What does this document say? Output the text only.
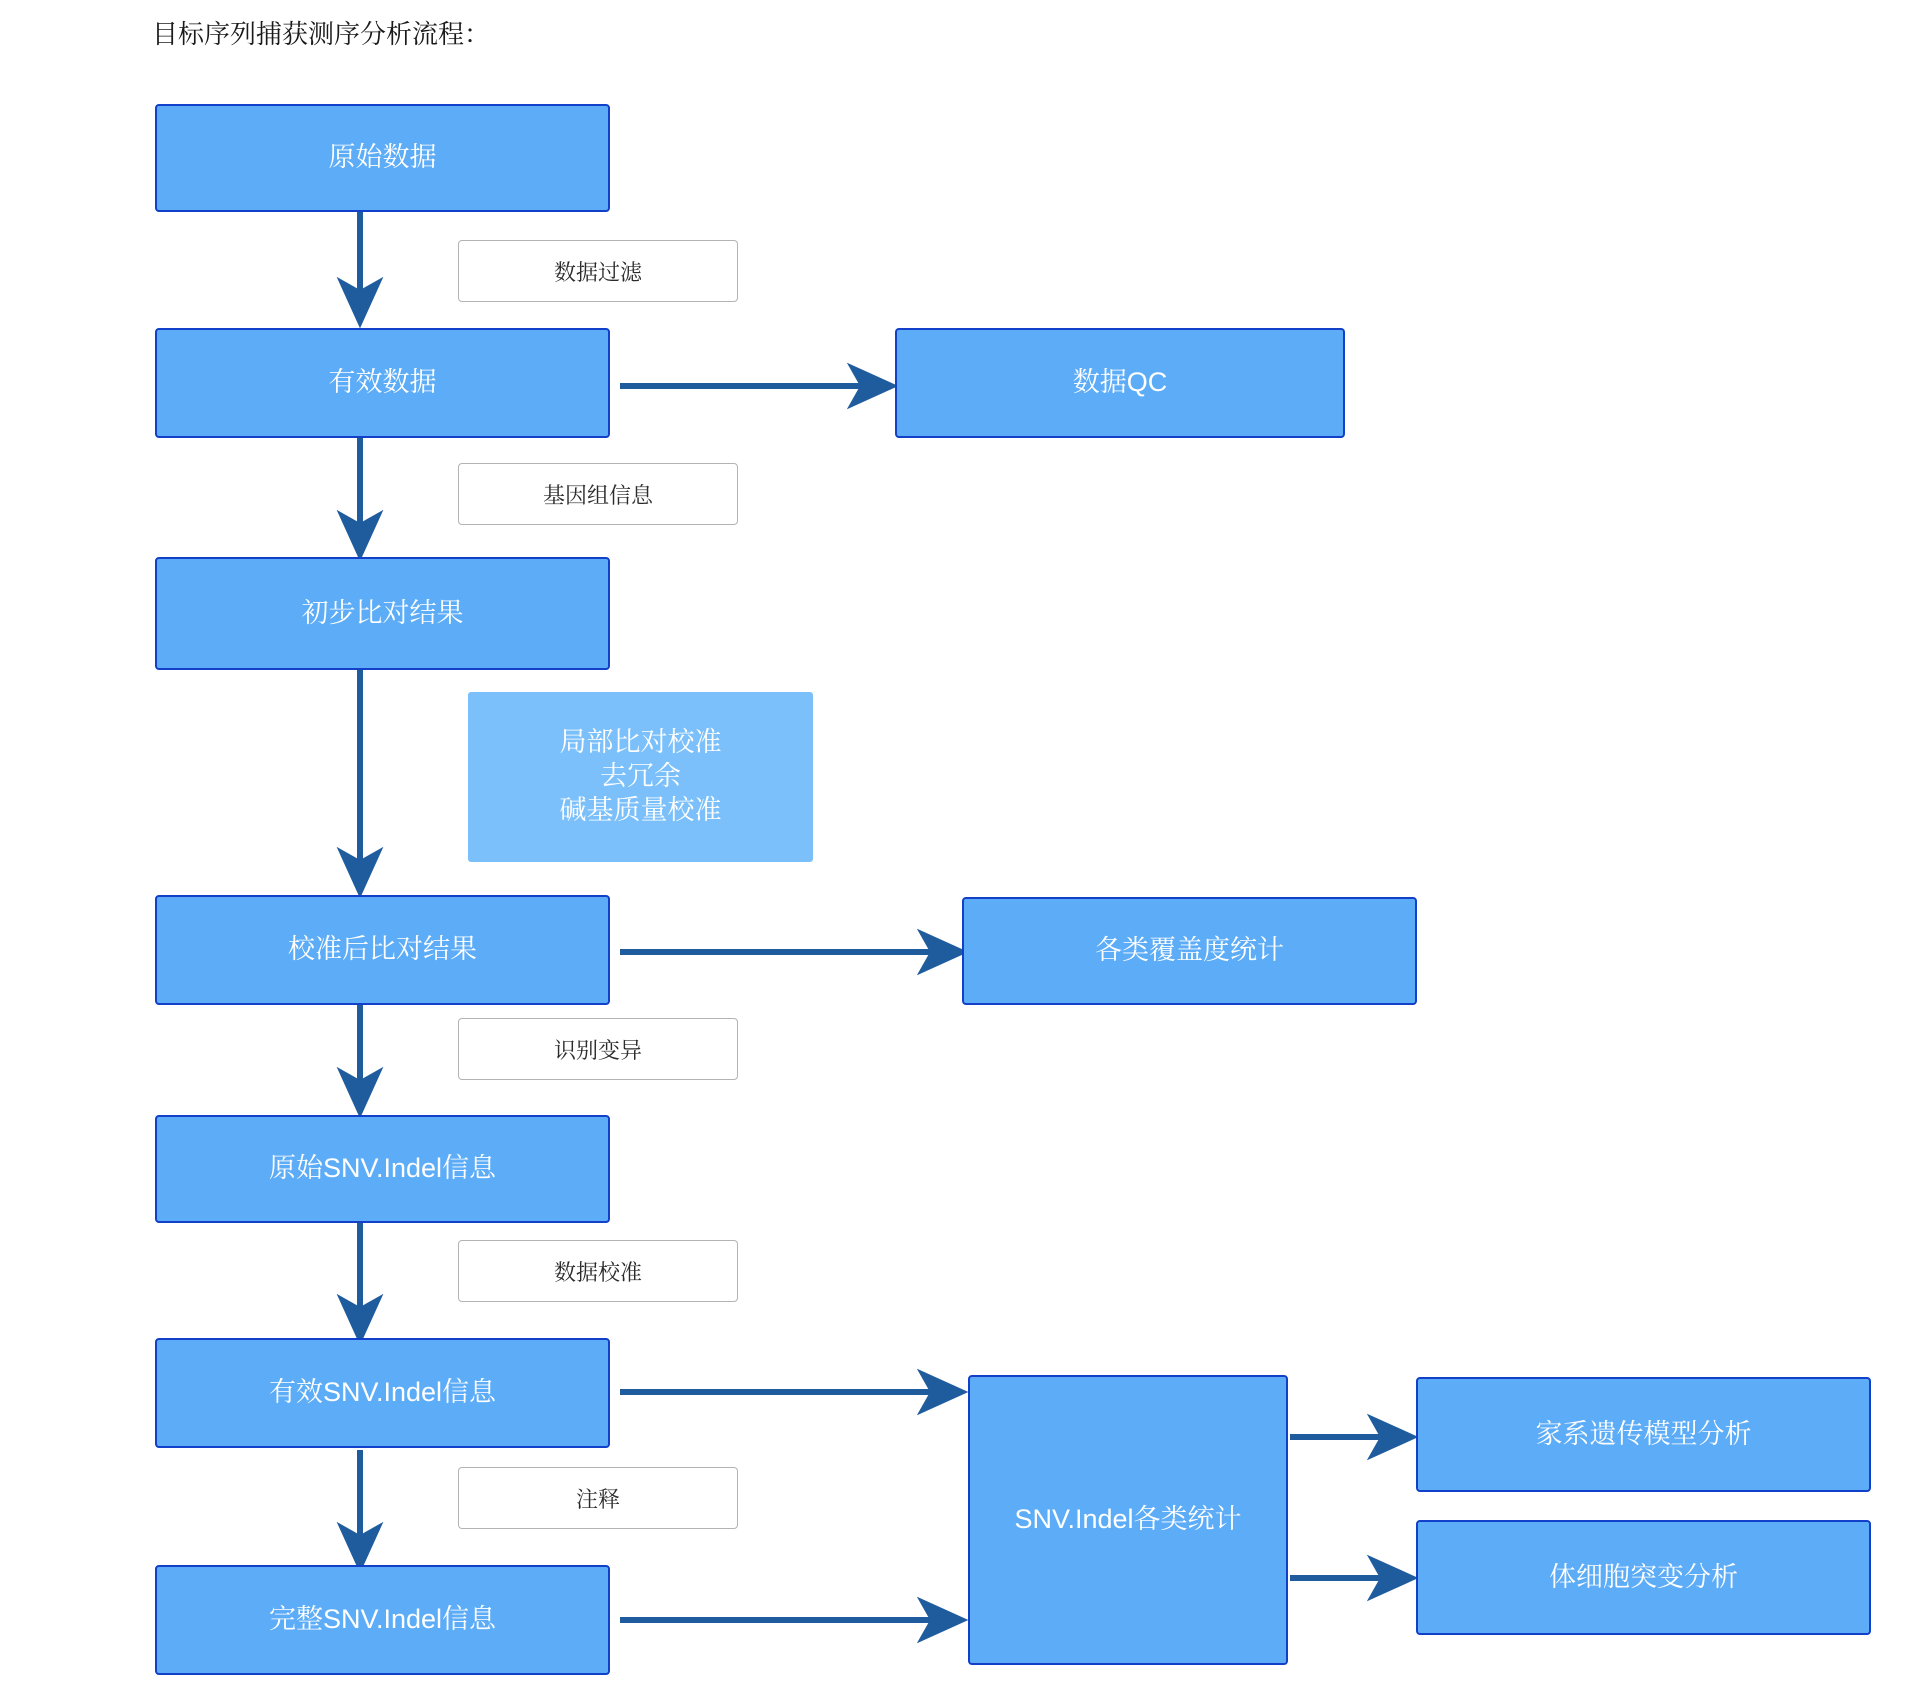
目标序列捕获测序分析流程：
原始数据
有效数据	数据QC
初步比对结果
局部比对校准
去冗余
碱基质量校准
校准后比对结果	各类覆盖度统计
原始SNV.Indel信息
有效SNV.Indel信息
SNV.Indel各类统计
家系遗传模型分析
完整SNV.Indel信息
体细胞突变分析
数据过滤
基因组信息
识别变异
数据校准
注释
